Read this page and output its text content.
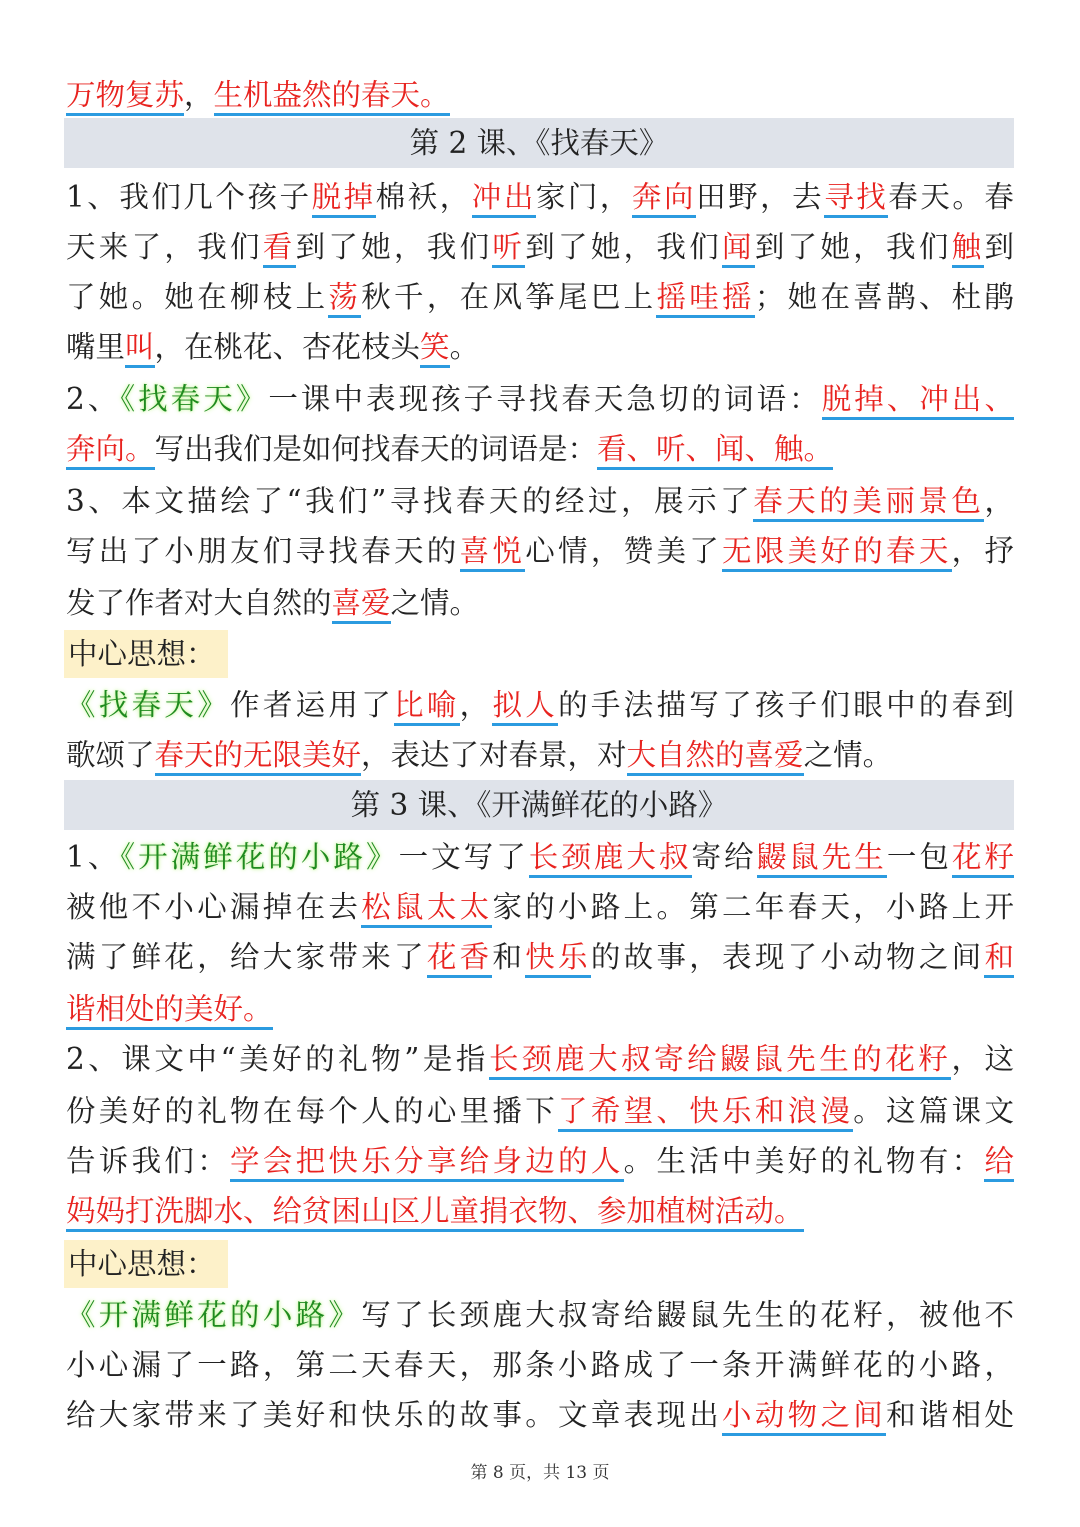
万物复苏，生机盎然的春天。
第 2 课、《找春天》
1、我们几个孩子脱掉棉袄，冲出家门，奔向田野，去寻找春天。春
天来了，我们看到了她，我们听到了她，我们闻到了她，我们触到
了她。她在柳枝上荡秋千，在风筝尾巴上摇哇摇；她在喜鹊、杜鹃
嘴里叫，在桃花、杏花枝头笑。
2、《找春天》一课中表现孩子寻找春天急切的词语：脱掉、冲出、
奔向。写出我们是如何找春天的词语是：看、听、闻、触。
3、本文描绘了“我们”寻找春天的经过，展示了春天的美丽景色，
写出了小朋友们寻找春天的喜悦心情，赞美了无限美好的春天，抒
发了作者对大自然的喜爱之情。
中心思想：
《找春天》作者运用了比喻，拟人的手法描写了孩子们眼中的春到
歌颂了春天的无限美好，表达了对春景，对大自然的喜爱之情。
第 3 课、《开满鲜花的小路》
1、《开满鲜花的小路》一文写了长颈鹿大叔寄给鼹鼠先生一包花籽
被他不小心漏掉在去松鼠太太家的小路上。第二年春天，小路上开
满了鲜花，给大家带来了花香和快乐的故事，表现了小动物之间和
谐相处的美好。
2、课文中“美好的礼物”是指长颈鹿大叔寄给鼹鼠先生的花籽，这
份美好的礼物在每个人的心里播下了希望、快乐和浪漫。这篇课文
告诉我们：学会把快乐分享给身边的人。生活中美好的礼物有：给
妈妈打洗脚水、给贫困山区儿童捐衣物、参加植树活动。
中心思想：
《开满鲜花的小路》写了长颈鹿大叔寄给鼹鼠先生的花籽，被他不
小心漏了一路，第二天春天，那条小路成了一条开满鲜花的小路，
给大家带来了美好和快乐的故事。文章表现出小动物之间和谐相处
第 8 页，共 13 页
